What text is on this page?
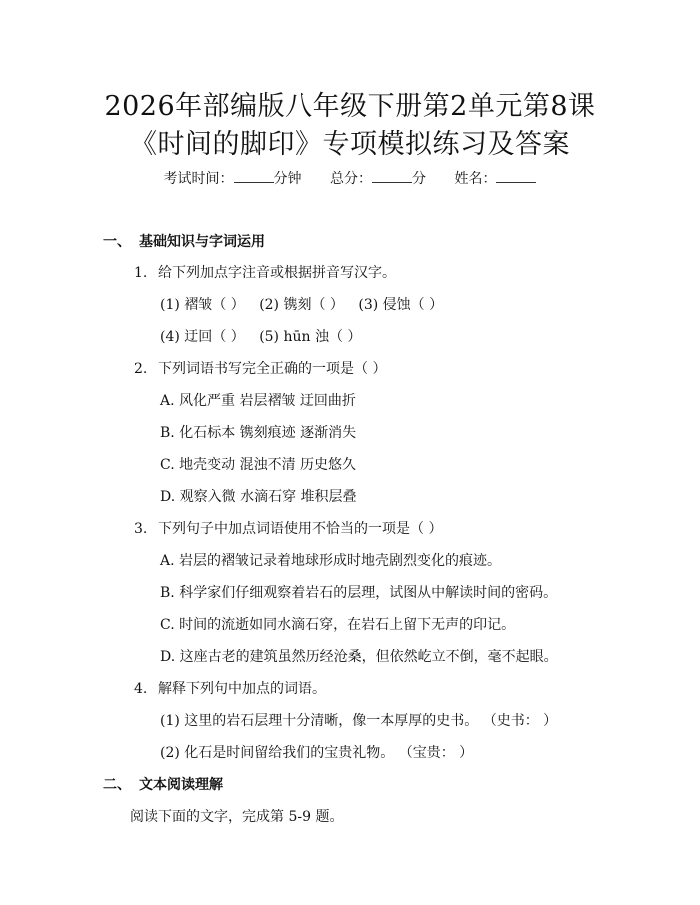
2026年部编版八年级下册第2单元第8课
《时间的脚印》专项模拟练习及答案
考试时间：	分钟 总分：	分 姓名：
一、 基础知识与字词运用
1. 给下列加点字注音或根据拼音写汉字。
(1) 褶皱（ ） (2) 镌刻（ ） (3) 侵蚀（ ）
(4) 迂回（ ） (5) hūn 浊（ ）
2. 下列词语书写完全正确的一项是（ ）
A. 风化严重 岩层褶皱 迂回曲折
B. 化石标本 镌刻痕迹 逐渐消失
C. 地壳变动 混浊不清 历史悠久
D. 观察入微 水滴石穿 堆积层叠
3. 下列句子中加点词语使用不恰当的一项是（ ）
A. 岩层的褶皱记录着地球形成时地壳剧烈变化的痕迹。
B. 科学家们仔细观察着岩石的层理，试图从中解读时间的密码。
C. 时间的流逝如同水滴石穿，在岩石上留下无声的印记。
D. 这座古老的建筑虽然历经沧桑，但依然屹立不倒，毫不起眼。
4. 解释下列句中加点的词语。
(1) 这里的岩石层理十分清晰，像一本厚厚的史书。 （史书： ）
(2) 化石是时间留给我们的宝贵礼物。 （宝贵： ）
二、 文本阅读理解
阅读下面的文字，完成第 5-9 题。
